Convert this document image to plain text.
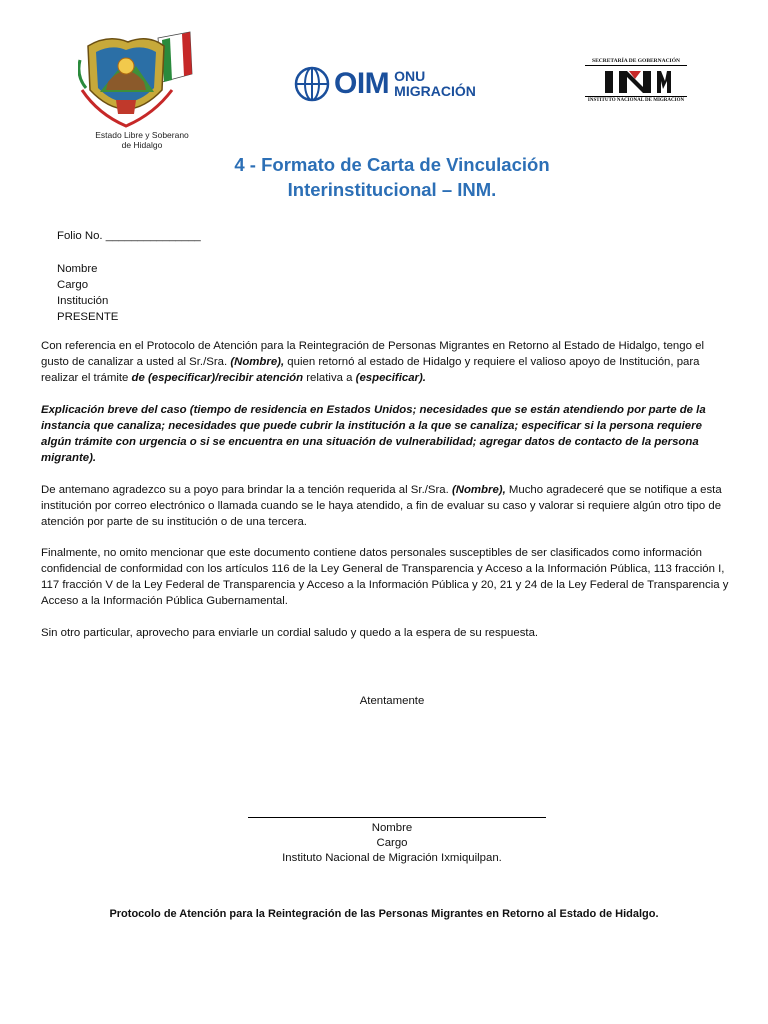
Estado Libre y Soberano
de Hidalgo
OIM ONU
MIGRACIÓN
SECRETARÍA DE GOBERNACIÓN
INSTITUTO NACIONAL DE MIGRACIÓN
4 - Formato de Carta de Vinculación
Interinstitucional – INM.
Folio No. _______________
Nombre
Cargo
Institución
PRESENTE
Con referencia en el Protocolo de Atención para la Reintegración de Personas Migrantes en Retorno al Estado de Hidalgo, tengo el gusto de canalizar a usted al Sr./Sra. (Nombre), quien retornó al estado de Hidalgo y requiere el valioso apoyo de Institución, para realizar el trámite de (especificar)/recibir atención relativa a (especificar).
Explicación breve del caso (tiempo de residencia en Estados Unidos; necesidades que se están atendiendo por parte de la instancia que canaliza; necesidades que puede cubrir la institución a la que se canaliza; especificar si la persona requiere algún trámite con urgencia o si se encuentra en una situación de vulnerabilidad; agregar datos de contacto de la persona migrante).
De antemano agradezco su a poyo para brindar la a tención requerida al Sr./Sra. (Nombre), Mucho agradeceré que se notifique a esta institución por correo electrónico o llamada cuando se le haya atendido, a fin de evaluar su caso y valorar si requiere algún otro tipo de atención por parte de su institución o de una tercera.
Finalmente, no omito mencionar que este documento contiene datos personales susceptibles de ser clasificados como información confidencial de conformidad con los artículos 116 de la Ley General de Transparencia y Acceso a la Información Pública, 113 fracción I, 117 fracción V de la Ley Federal de Transparencia y Acceso a la Información Pública y 20, 21 y 24 de la Ley Federal de Transparencia y Acceso a la Información Pública Gubernamental.
Sin otro particular, aprovecho para enviarle un cordial saludo y quedo a la espera de su respuesta.
Atentamente
Nombre
Cargo
Instituto Nacional de Migración Ixmiquilpan.
Protocolo de Atención para la Reintegración de las Personas Migrantes en Retorno al Estado de Hidalgo.
